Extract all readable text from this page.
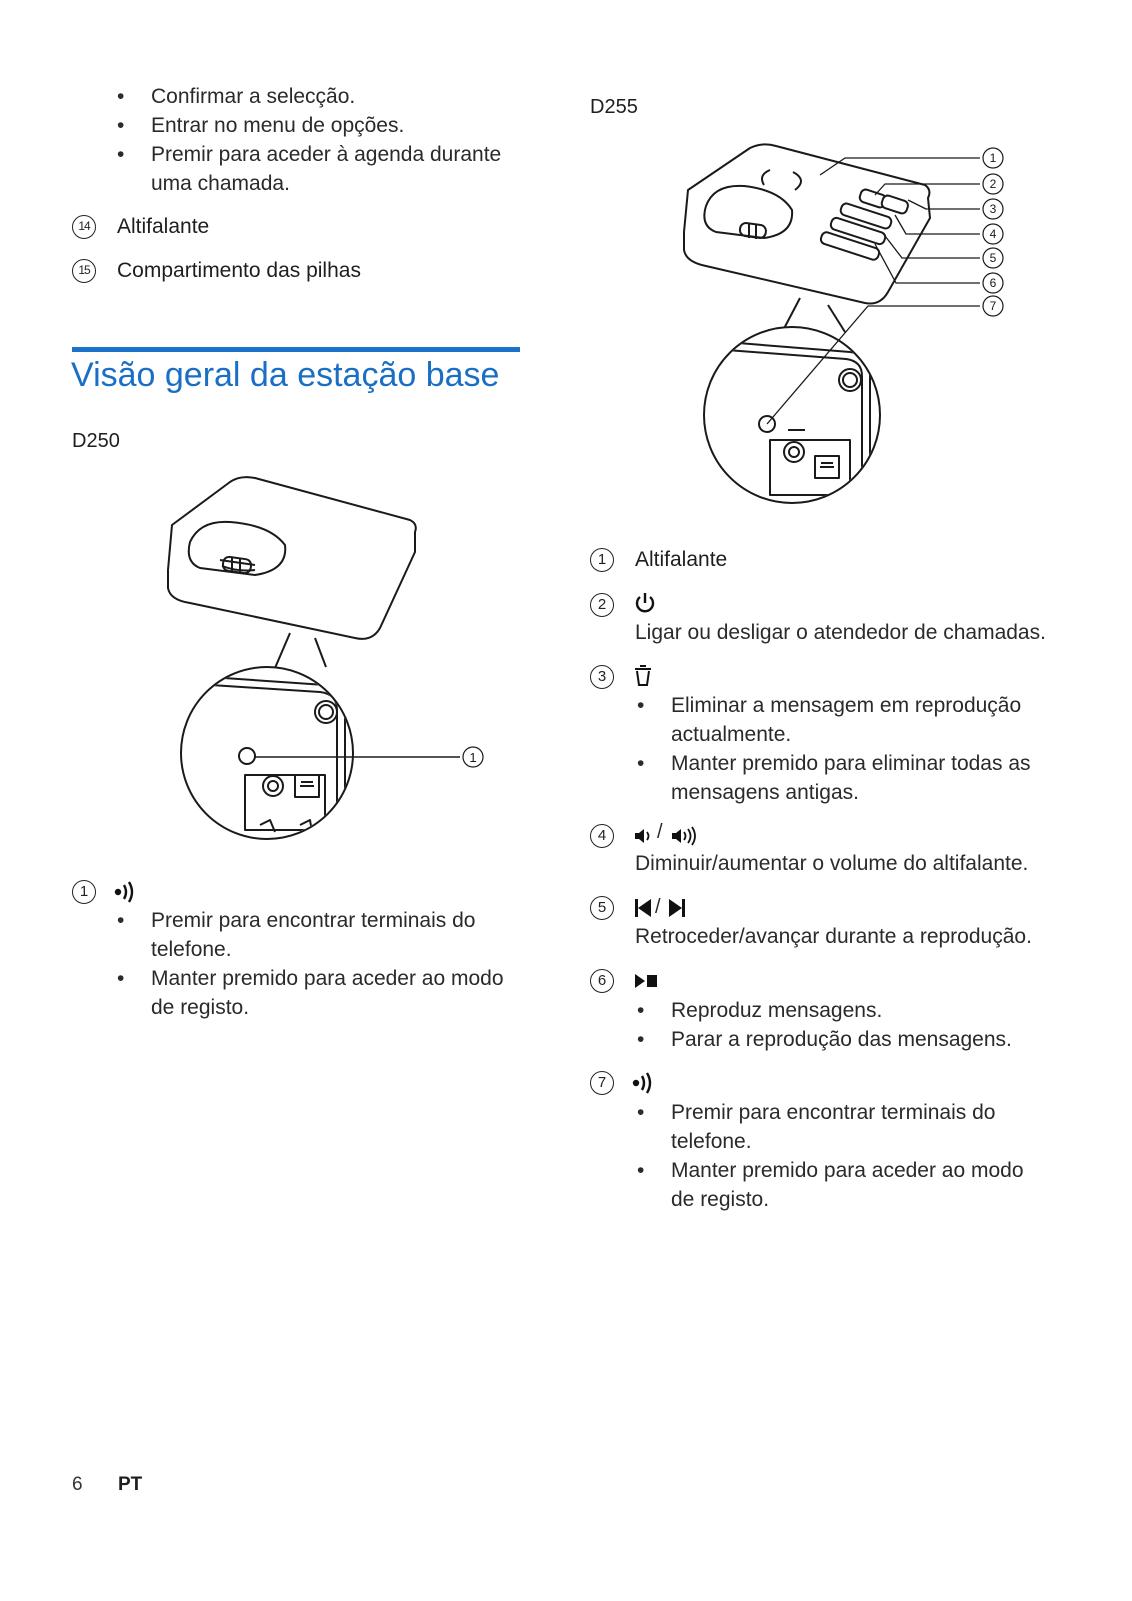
• Confirmar a selecção.
• Entrar no menu de opções.
• Premir para aceder à agenda durante
uma chamada.
14	Altifalante
15	Compartimento das pilhas
Visão geral da estação base
D250
1
1
• Premir para encontrar terminais do
telefone.
• Manter premido para aceder ao modo
de registo.
D255
1
2
3
4
5
6
7
1	Altifalante
2
Ligar ou desligar o atendedor de chamadas.
3
• Eliminar a mensagem em reprodução
actualmente.
• Manter premido para eliminar todas as
mensagens antigas.
4	/
Diminuir/aumentar o volume do altifalante.
5	/
Retroceder/avançar durante a reprodução.
6
• Reproduz mensagens.
• Parar a reprodução das mensagens.
7
• Premir para encontrar terminais do
telefone.
• Manter premido para aceder ao modo
de registo.
6 PT
